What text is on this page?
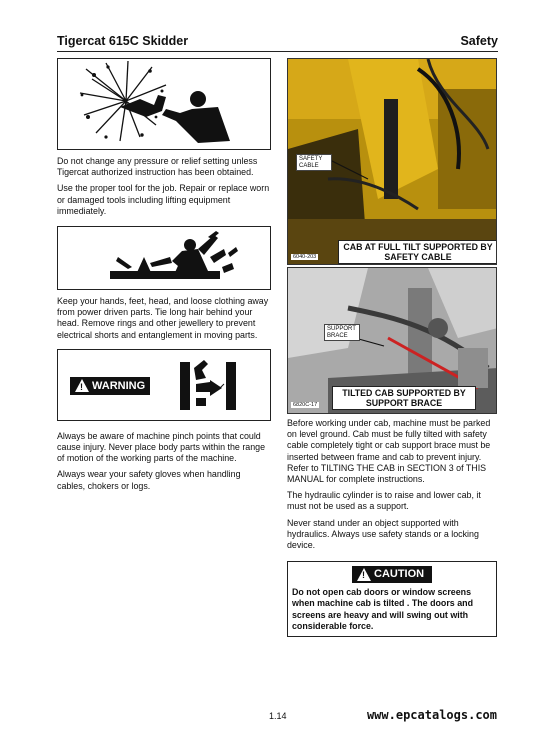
Tigercat 615C Skidder	Safety

Do not change any pressure or relief setting unless Tigercat authorized instruction has been obtained.

Use the proper tool for the job. Repair or replace worn or damaged tools including lifting equipment immediately.

Keep your hands, feet, head, and loose clothing away from power driven parts. Tie long hair behind your head. Remove rings and other jewellery to prevent electrical shorts and entanglement in moving parts.

! WARNING

Always be aware of machine pinch points that could cause injury. Never place body parts within the range of motion of the working parts of the machine.

Always wear your safety gloves when handling cables, chokers or logs.

SAFETY CABLE
CAB AT FULL TILT SUPPORTED BY SAFETY CABLE
6040-203
SUPPORT BRACE
TILTED CAB SUPPORTED BY SUPPORT BRACE
6820C-17

Before working under cab, machine must be parked on level ground. Cab must be fully tilted with safety cable completely tight or cab support brace must be inserted between frame and cab to prevent injury. Refer to TILTING THE CAB in SECTION 3 of THIS MANUAL for complete instructions.

The hydraulic cylinder is to raise and lower cab, it must not be used as a support.

Never stand under an object supported with hydraulics. Always use safety stands or a locking device.

! CAUTION
Do not open cab doors or window screens when machine cab is tilted . The doors and screens are heavy and will swing out with considerable force.
1.14	www.epcatalogs.com
